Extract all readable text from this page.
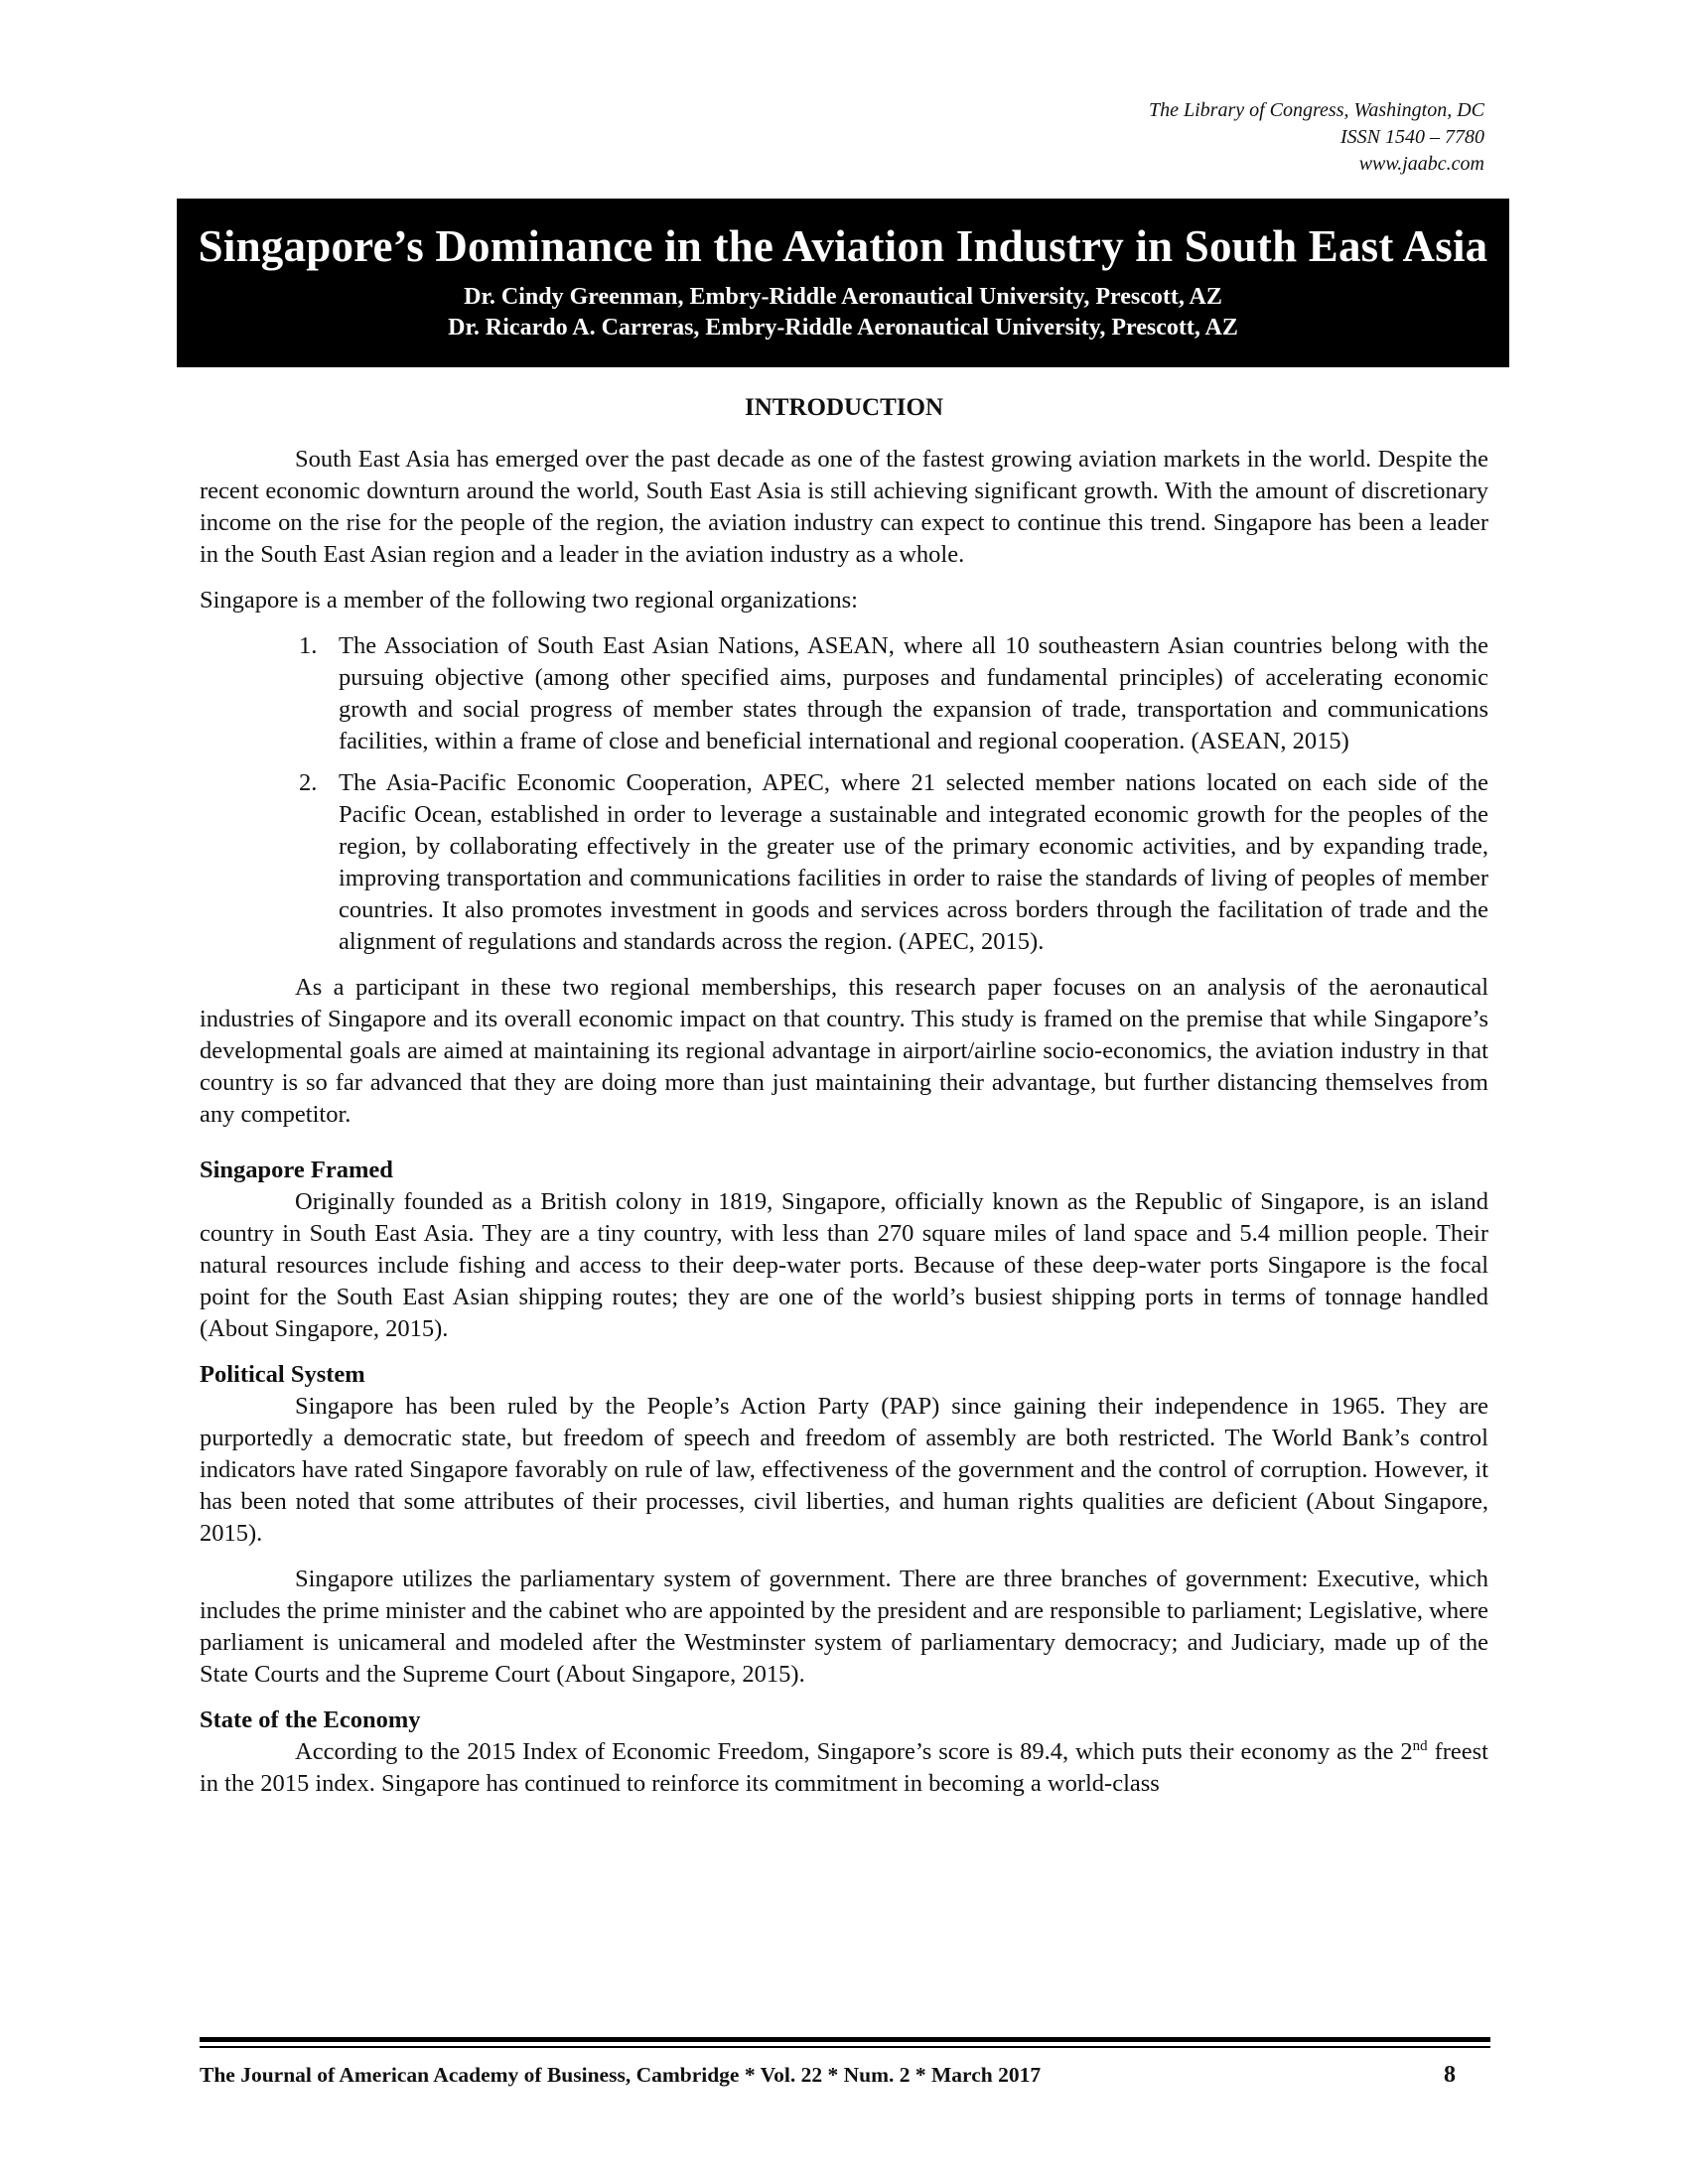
The Library of Congress, Washington, DC
ISSN 1540 – 7780
www.jaabc.com
Singapore’s Dominance in the Aviation Industry in South East Asia
Dr. Cindy Greenman, Embry-Riddle Aeronautical University, Prescott, AZ
Dr. Ricardo A. Carreras, Embry-Riddle Aeronautical University, Prescott, AZ
INTRODUCTION

South East Asia has emerged over the past decade as one of the fastest growing aviation markets in the world. Despite the recent economic downturn around the world, South East Asia is still achieving significant growth. With the amount of discretionary income on the rise for the people of the region, the aviation industry can expect to continue this trend. Singapore has been a leader in the South East Asian region and a leader in the aviation industry as a whole.

Singapore is a member of the following two regional organizations:

1. The Association of South East Asian Nations, ASEAN, where all 10 southeastern Asian countries belong with the pursuing objective (among other specified aims, purposes and fundamental principles) of accelerating economic growth and social progress of member states through the expansion of trade, transportation and communications facilities, within a frame of close and beneficial international and regional cooperation. (ASEAN, 2015)
2. The Asia-Pacific Economic Cooperation, APEC, where 21 selected member nations located on each side of the Pacific Ocean, established in order to leverage a sustainable and integrated economic growth for the peoples of the region, by collaborating effectively in the greater use of the primary economic activities, and by expanding trade, improving transportation and communications facilities in order to raise the standards of living of peoples of member countries. It also promotes investment in goods and services across borders through the facilitation of trade and the alignment of regulations and standards across the region. (APEC, 2015).

As a participant in these two regional memberships, this research paper focuses on an analysis of the aeronautical industries of Singapore and its overall economic impact on that country. This study is framed on the premise that while Singapore’s developmental goals are aimed at maintaining its regional advantage in airport/airline socio-economics, the aviation industry in that country is so far advanced that they are doing more than just maintaining their advantage, but further distancing themselves from any competitor.

Singapore Framed

Originally founded as a British colony in 1819, Singapore, officially known as the Republic of Singapore, is an island country in South East Asia. They are a tiny country, with less than 270 square miles of land space and 5.4 million people. Their natural resources include fishing and access to their deep-water ports. Because of these deep-water ports Singapore is the focal point for the South East Asian shipping routes; they are one of the world’s busiest shipping ports in terms of tonnage handled (About Singapore, 2015).

Political System

Singapore has been ruled by the People’s Action Party (PAP) since gaining their independence in 1965. They are purportedly a democratic state, but freedom of speech and freedom of assembly are both restricted. The World Bank’s control indicators have rated Singapore favorably on rule of law, effectiveness of the government and the control of corruption. However, it has been noted that some attributes of their processes, civil liberties, and human rights qualities are deficient (About Singapore, 2015).

Singapore utilizes the parliamentary system of government. There are three branches of government: Executive, which includes the prime minister and the cabinet who are appointed by the president and are responsible to parliament; Legislative, where parliament is unicameral and modeled after the Westminster system of parliamentary democracy; and Judiciary, made up of the State Courts and the Supreme Court (About Singapore, 2015).

State of the Economy

According to the 2015 Index of Economic Freedom, Singapore’s score is 89.4, which puts their economy as the 2nd freest in the 2015 index. Singapore has continued to reinforce its commitment in becoming a world-class

The Journal of American Academy of Business, Cambridge * Vol. 22 * Num. 2 * March 2017	8
